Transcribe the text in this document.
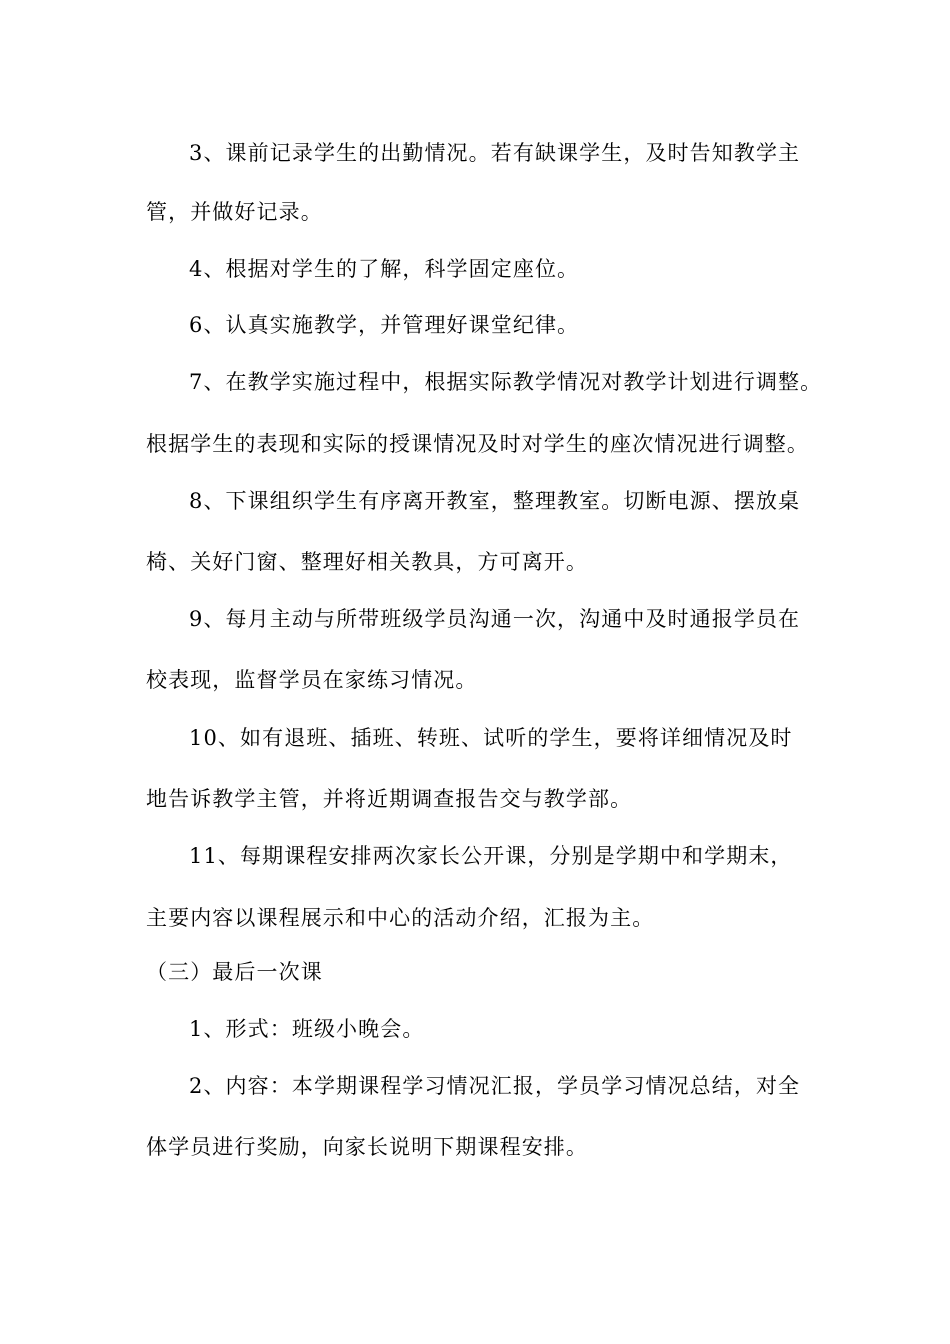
3、课前记录学生的出勤情况。若有缺课学生，及时告知教学主
管，并做好记录。
4、根据对学生的了解，科学固定座位。
6、认真实施教学，并管理好课堂纪律。
7、在教学实施过程中，根据实际教学情况对教学计划进行调整。
根据学生的表现和实际的授课情况及时对学生的座次情况进行调整。
8、下课组织学生有序离开教室，整理教室。切断电源、摆放桌
椅、关好门窗、整理好相关教具，方可离开。
9、每月主动与所带班级学员沟通一次，沟通中及时通报学员在
校表现，监督学员在家练习情况。
10、如有退班、插班、转班、试听的学生，要将详细情况及时
地告诉教学主管，并将近期调查报告交与教学部。
11、每期课程安排两次家长公开课，分别是学期中和学期末，
主要内容以课程展示和中心的活动介绍，汇报为主。
（三）最后一次课
1、形式：班级小晚会。
2、内容：本学期课程学习情况汇报，学员学习情况总结，对全
体学员进行奖励，向家长说明下期课程安排。
